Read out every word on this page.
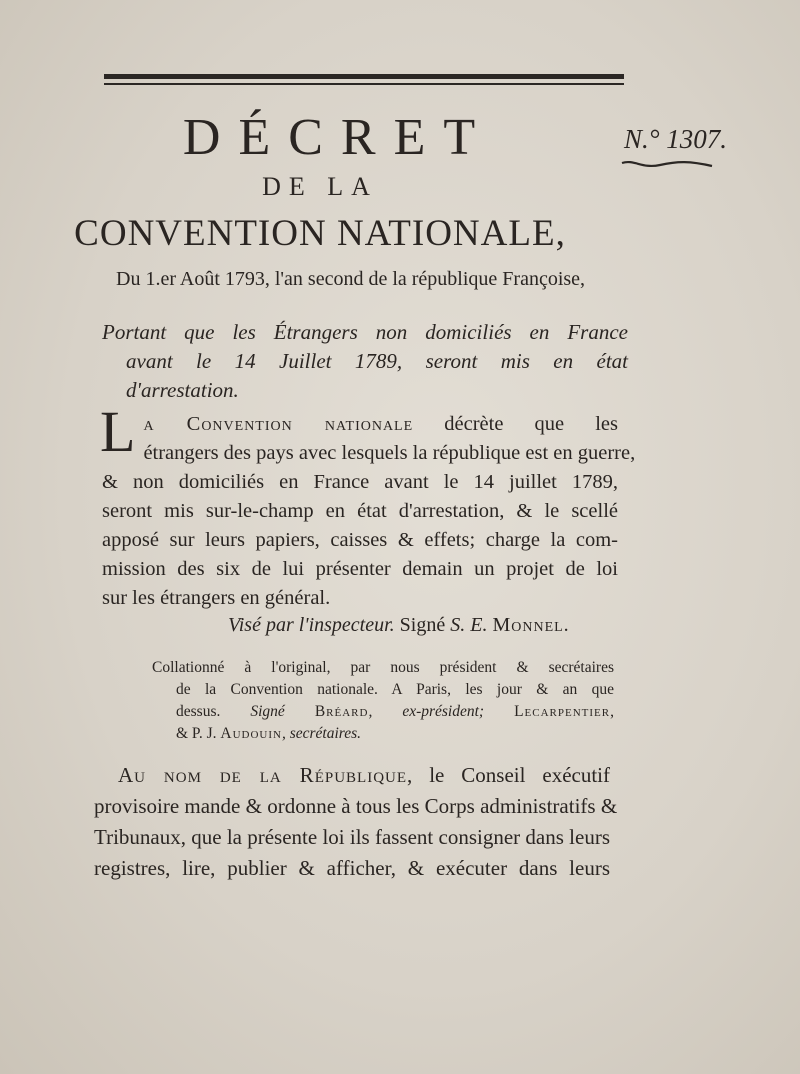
DÉCRET
DE LA
CONVENTION NATIONALE,
N.° 1307.
Du 1.er Août 1793, l'an second de la république Françoise,
Portant que les Étrangers non domiciliés en France
avant le 14 Juillet 1789, seront mis en état
d'arrestation.
L a Convention nationale décrète que les
étrangers des pays avec lesquels la république est en guerre,
& non domiciliés en France avant le 14 juillet 1789,
seront mis sur-le-champ en état d'arrestation, & le scellé
apposé sur leurs papiers, caisses & effets; charge la com-
mission des six de lui présenter demain un projet de loi
sur les étrangers en général.
Visé par l'inspecteur. Signé S. E. Monnel.
Collationné à l'original, par nous président & secrétaires
de la Convention nationale. A Paris, les jour & an que
dessus. Signé Bréard, ex-président; Lecarpentier,
& P. J. Audouin, secrétaires.
Au nom de la République, le Conseil exécutif
provisoire mande & ordonne à tous les Corps administratifs &
Tribunaux, que la présente loi ils fassent consigner dans leurs
registres, lire, publier & afficher, & exécuter dans leurs
